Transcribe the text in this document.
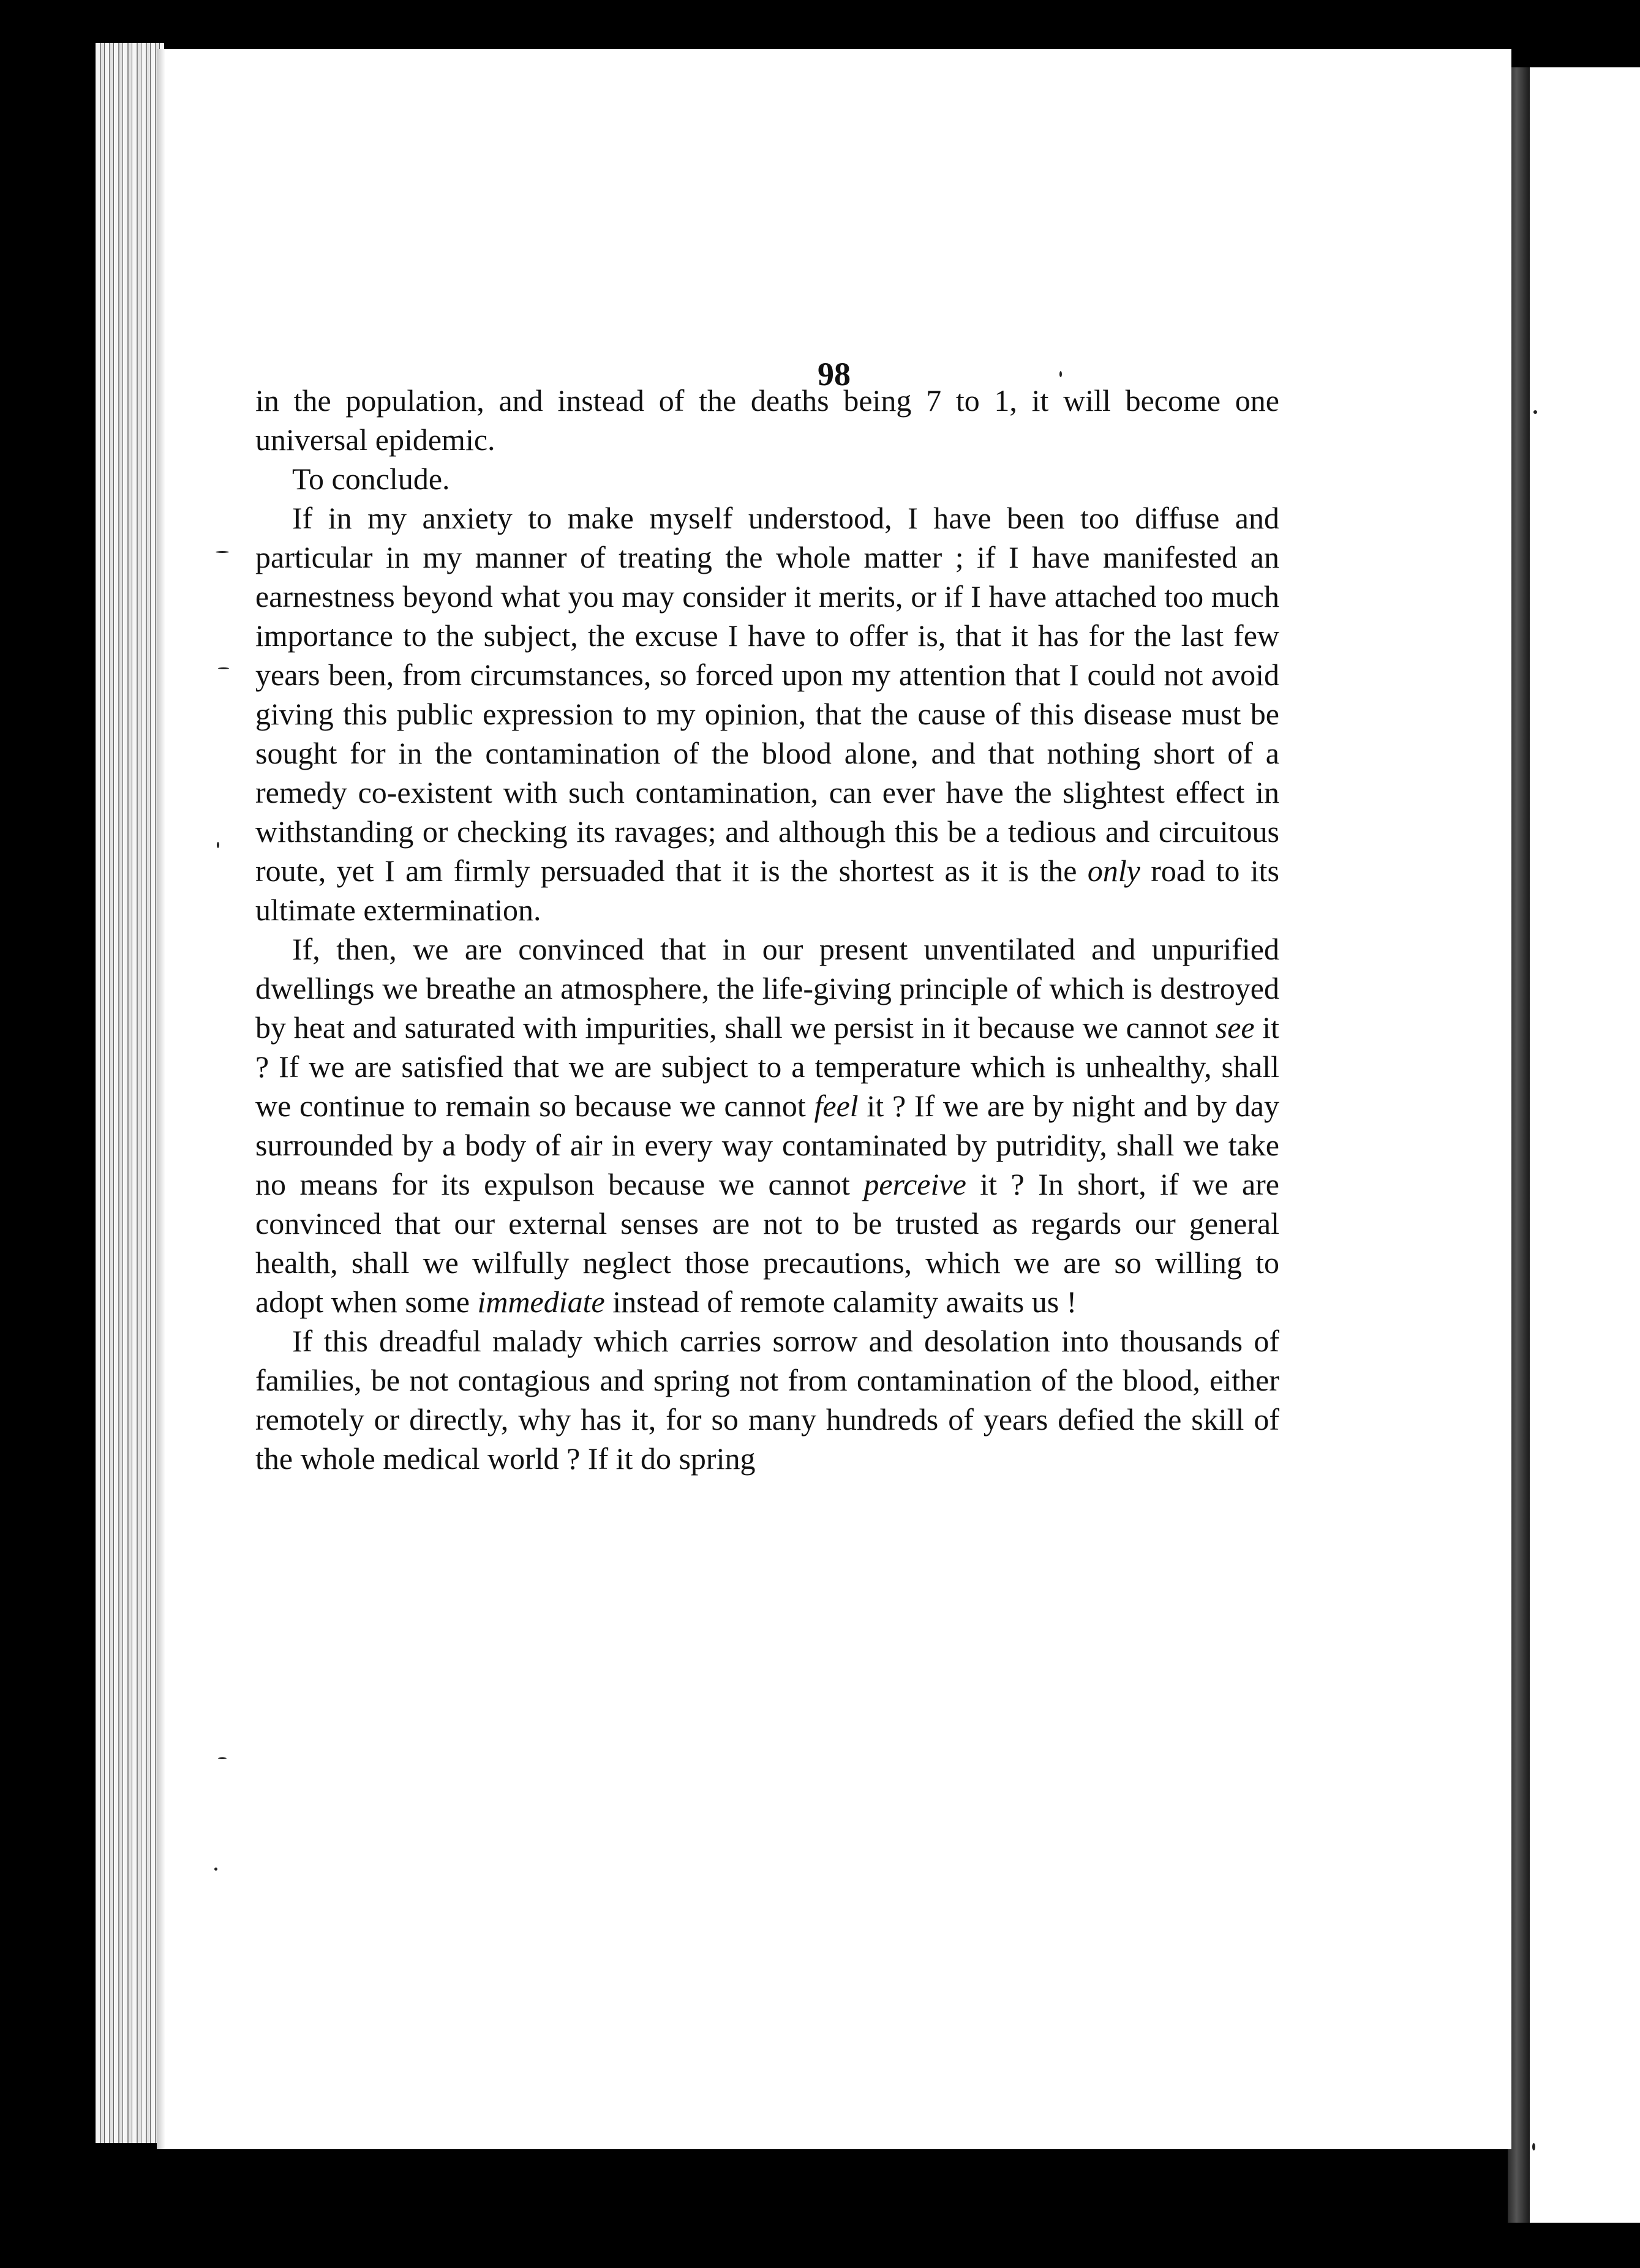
98

in the population, and instead of the deaths being 7 to 1, it will become one universal epidemic.

To conclude.

If in my anxiety to make myself understood, I have been too diffuse and particular in my manner of treating the whole matter ; if I have manifested an earnestness beyond what you may consider it merits, or if I have attached too much importance to the subject, the excuse I have to offer is, that it has for the last few years been, from circumstances, so forced upon my attention that I could not avoid giving this public expression to my opinion, that the cause of this disease must be sought for in the contamination of the blood alone, and that nothing short of a remedy co-existent with such contamination, can ever have the slightest effect in withstanding or checking its ravages; and although this be a tedious and circuitous route, yet I am firmly persuaded that it is the shortest as it is the only road to its ultimate extermination.

If, then, we are convinced that in our present unventilated and unpurified dwellings we breathe an atmosphere, the life-giving principle of which is destroyed by heat and saturated with impurities, shall we persist in it because we cannot see it ? If we are satisfied that we are subject to a temperature which is unhealthy, shall we continue to remain so because we cannot feel it ? If we are by night and by day surrounded by a body of air in every way contaminated by putridity, shall we take no means for its expulson because we cannot perceive it ? In short, if we are convinced that our external senses are not to be trusted as regards our general health, shall we wilfully neglect those precautions, which we are so willing to adopt when some immediate instead of remote calamity awaits us !

If this dreadful malady which carries sorrow and desolation into thousands of families, be not contagious and spring not from contamination of the blood, either remotely or directly, why has it, for so many hundreds of years defied the skill of the whole medical world ? If it do spring
